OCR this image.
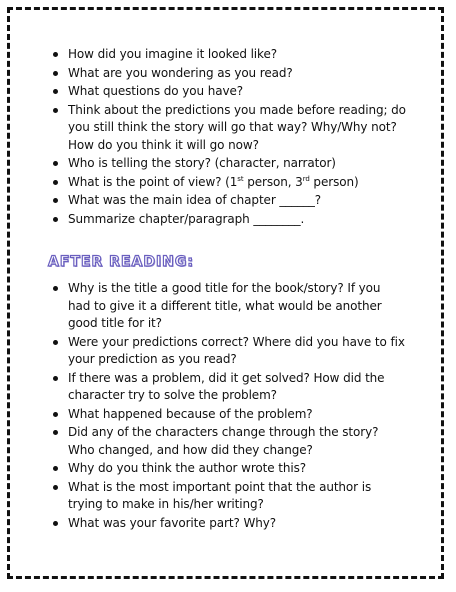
How did you imagine it looked like?
What are you wondering as you read?
What questions do you have?
Think about the predictions you made before reading; do you still think the story will go that way? Why/Why not? How do you think it will go now?
Who is telling the story? (character, narrator)
What is the point of view? (1st person, 3rd person)
What was the main idea of chapter ______?
Summarize chapter/paragraph ________.
AFTER READING:
Why is the title a good title for the book/story? If you had to give it a different title, what would be another good title for it?
Were your predictions correct? Where did you have to fix your prediction as you read?
If there was a problem, did it get solved? How did the character try to solve the problem?
What happened because of the problem?
Did any of the characters change through the story? Who changed, and how did they change?
Why do you think the author wrote this?
What is the most important point that the author is trying to make in his/her writing?
What was your favorite part? Why?
